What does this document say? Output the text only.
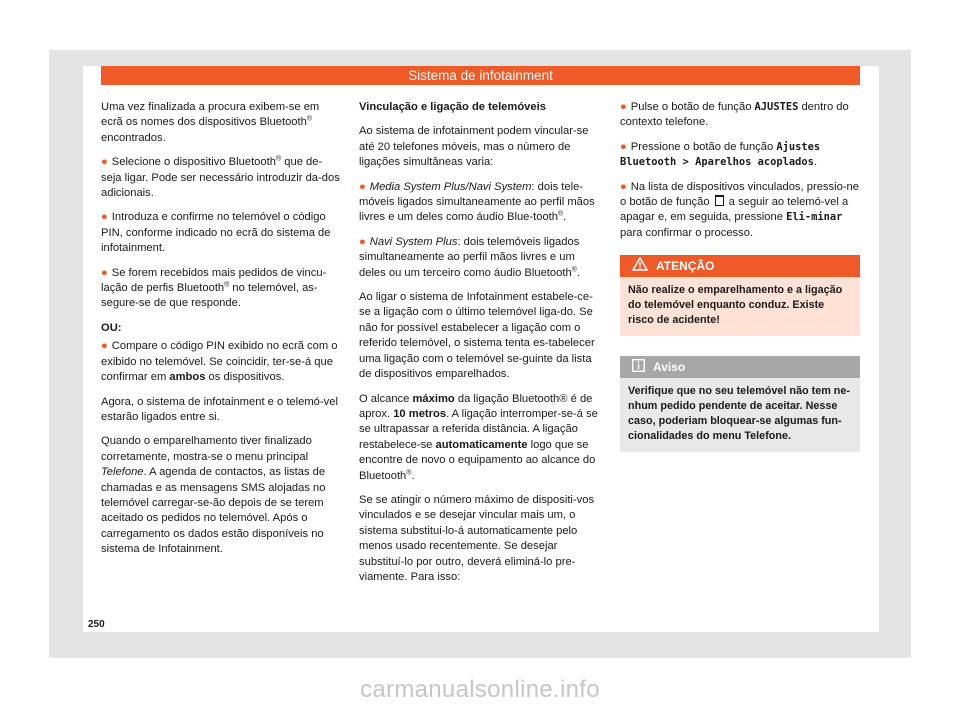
Sistema de infotainment

Uma vez finalizada a procura exibem-se em ecrã os nomes dos dispositivos Bluetooth® encontrados.

● Selecione o dispositivo Bluetooth® que de-seja ligar. Pode ser necessário introduzir da-dos adicionais.

● Introduza e confirme no telemóvel o código PIN, conforme indicado no ecrã do sistema de infotainment.

● Se forem recebidos mais pedidos de vincu-lação de perfis Bluetooth® no telemóvel, as-segure-se de que responde.

OU:

● Compare o código PIN exibido no ecrã com o exibido no telemóvel. Se coincidir, ter-se-á que confirmar em ambos os dispositivos.

Agora, o sistema de infotainment e o telemó-vel estarão ligados entre si.

Quando o emparelhamento tiver finalizado corretamente, mostra-se o menu principal Telefone. A agenda de contactos, as listas de chamadas e as mensagens SMS alojadas no telemóvel carregar-se-ão depois de se terem aceitado os pedidos no telemóvel. Após o carregamento os dados estão disponíveis no sistema de Infotainment.

Vinculação e ligação de telemóveis

Ao sistema de infotainment podem vincular-se até 20 telefones móveis, mas o número de ligações simultâneas varia:

● Media System Plus/Navi System: dois tele-móveis ligados simultaneamente ao perfil mãos livres e um deles como áudio Blue-tooth®.

● Navi System Plus: dois telemóveis ligados simultaneamente ao perfil mãos livres e um deles ou um terceiro como áudio Bluetooth®.

Ao ligar o sistema de Infotainment estabele-ce-se a ligação com o último telemóvel liga-do. Se não for possível estabelecer a ligação com o referido telemóvel, o sistema tenta es-tabelecer uma ligação com o telemóvel se-guinte da lista de dispositivos emparelhados.

O alcance máximo da ligação Bluetooth® é de aprox. 10 metros. A ligação interromper-se-á se se ultrapassar a referida distância. A ligação restabelece-se automaticamente logo que se encontre de novo o equipamento ao alcance do Bluetooth®.

Se se atingir o número máximo de dispositi-vos vinculados e se desejar vincular mais um, o sistema substitui-lo-á automaticamente pelo menos usado recentemente. Se desejar substituí-lo por outro, deverá eliminá-lo pre-viamente. Para isso:

● Pulse o botão de função AJUSTES dentro do contexto telefone.

● Pressione o botão de função Ajustes Bluetooth > Aparelhos acoplados.

● Na lista de dispositivos vinculados, pressio-ne o botão de função  a seguir ao telemó-vel a apagar e, em seguida, pressione Eli-minar para confirmar o processo.

ATENÇÃO
Não realize o emparelhamento e a ligação do telemóvel enquanto conduz. Existe risco de acidente!
Aviso
Verifique que no seu telemóvel não tem ne-nhum pedido pendente de aceitar. Nesse caso, poderiam bloquear-se algumas fun-cionalidades do menu Telefone.
250
carmanualsonline.info
